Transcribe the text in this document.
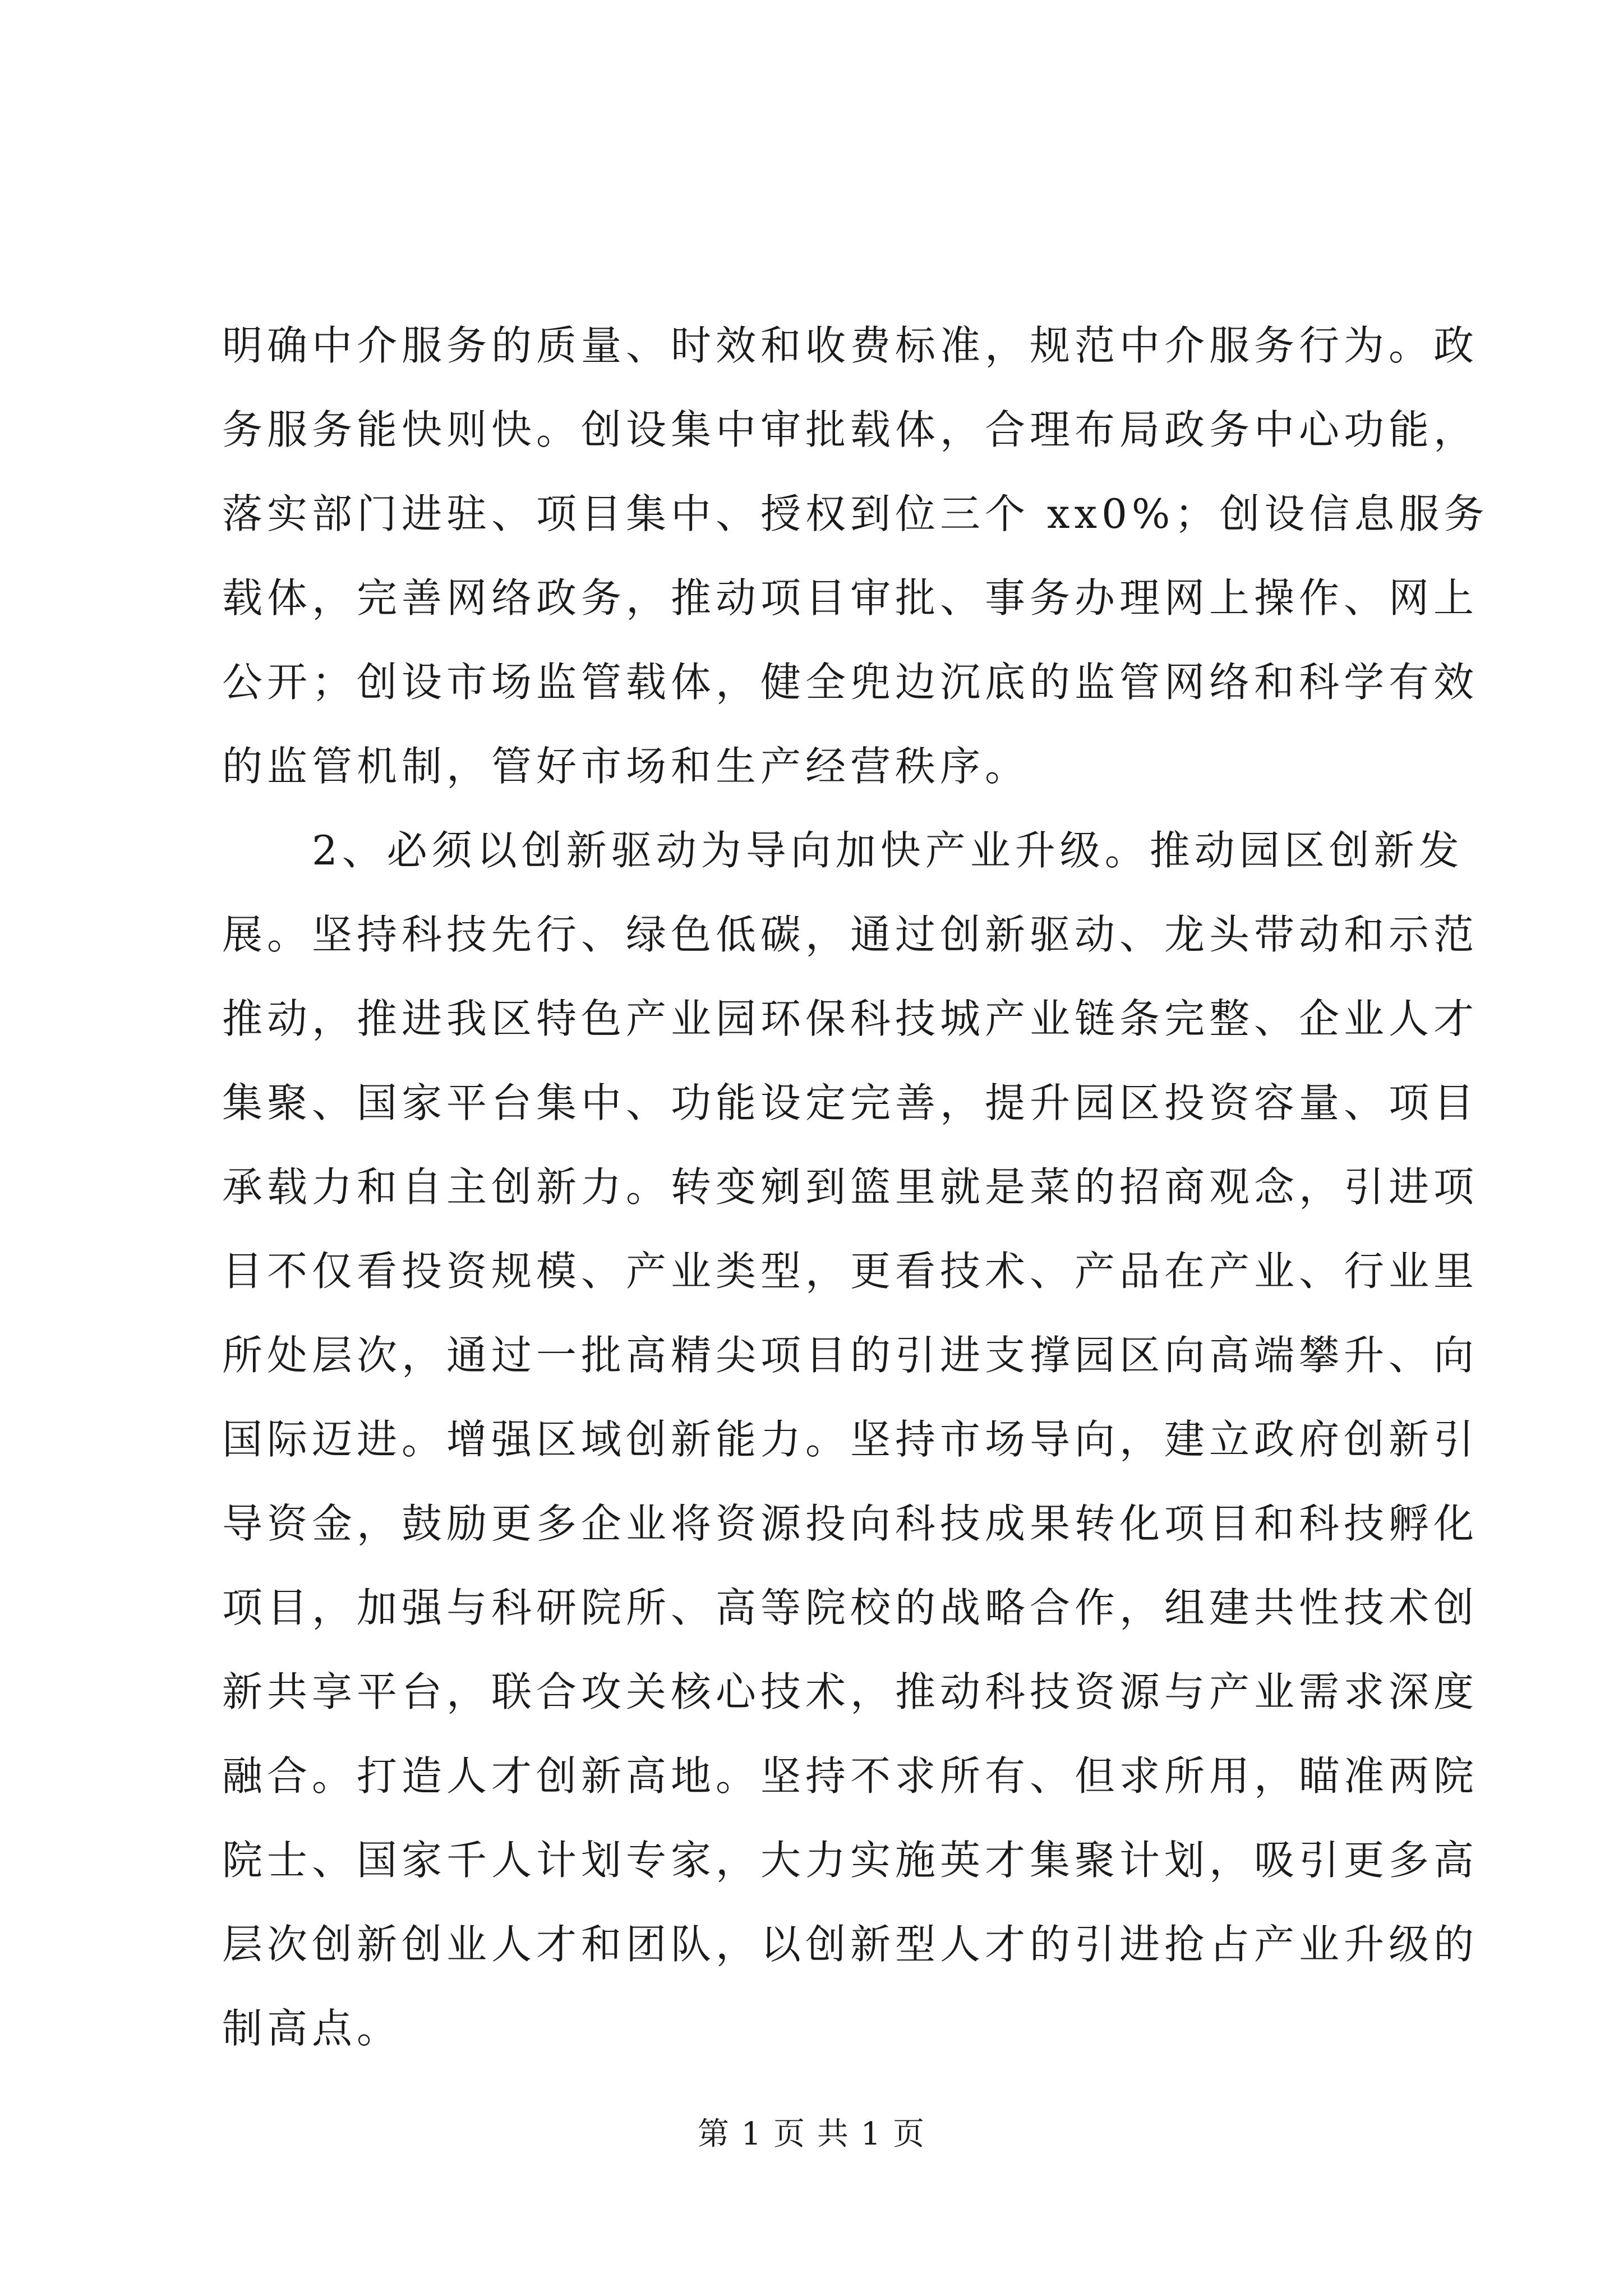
明确中介服务的质量、时效和收费标准，规范中介服务行为。政
务服务能快则快。创设集中审批载体，合理布局政务中心功能，
落实部门进驻、项目集中、授权到位三个 xx0%；创设信息服务
载体，完善网络政务，推动项目审批、事务办理网上操作、网上
公开；创设市场监管载体，健全兜边沉底的监管网络和科学有效
的监管机制，管好市场和生产经营秩序。
　　2、必须以创新驱动为导向加快产业升级。推动园区创新发
展。坚持科技先行、绿色低碳，通过创新驱动、龙头带动和示范
推动，推进我区特色产业园环保科技城产业链条完整、企业人才
集聚、国家平台集中、功能设定完善，提升园区投资容量、项目
承载力和自主创新力。转变剜到篮里就是菜的招商观念，引进项
目不仅看投资规模、产业类型，更看技术、产品在产业、行业里
所处层次，通过一批高精尖项目的引进支撑园区向高端攀升、向
国际迈进。增强区域创新能力。坚持市场导向，建立政府创新引
导资金，鼓励更多企业将资源投向科技成果转化项目和科技孵化
项目，加强与科研院所、高等院校的战略合作，组建共性技术创
新共享平台，联合攻关核心技术，推动科技资源与产业需求深度
融合。打造人才创新高地。坚持不求所有、但求所用，瞄准两院
院士、国家千人计划专家，大力实施英才集聚计划，吸引更多高
层次创新创业人才和团队，以创新型人才的引进抢占产业升级的
制高点。
第 1 页 共 1 页
